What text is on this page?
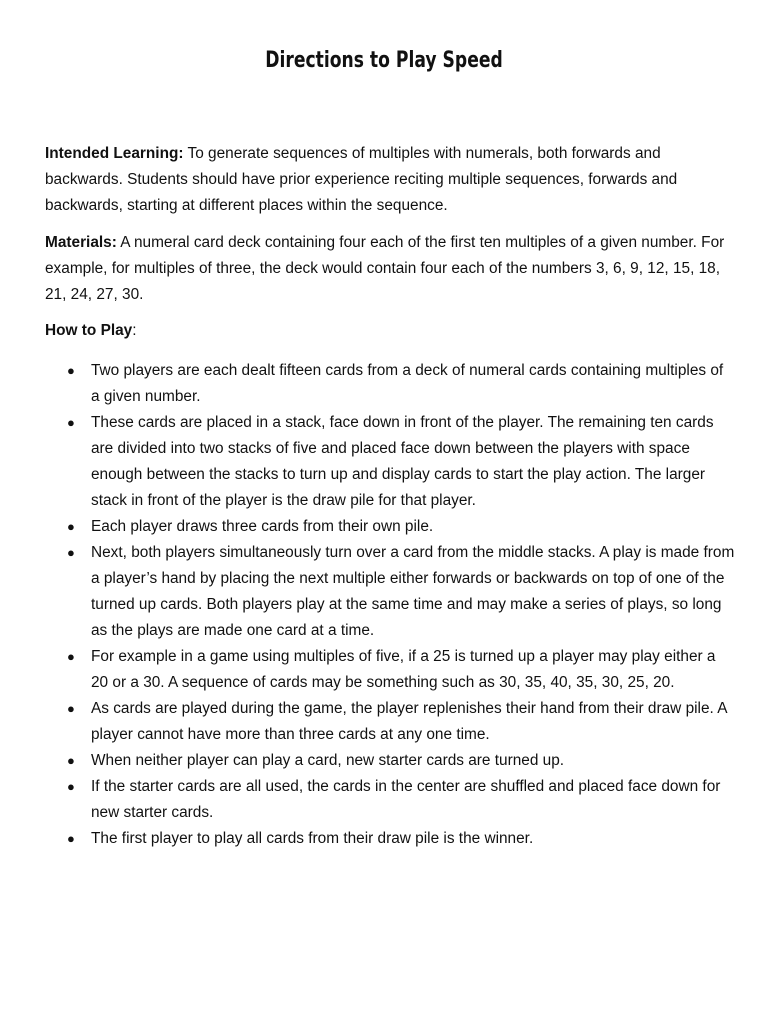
Directions to Play Speed

Intended Learning: To generate sequences of multiples with numerals, both forwards and backwards. Students should have prior experience reciting multiple sequences, forwards and backwards, starting at different places within the sequence.

Materials: A numeral card deck containing four each of the first ten multiples of a given number. For example, for multiples of three, the deck would contain four each of the numbers 3, 6, 9, 12, 15, 18, 21, 24, 27, 30.

How to Play:

● Two players are each dealt fifteen cards from a deck of numeral cards containing multiples of a given number.
● These cards are placed in a stack, face down in front of the player. The remaining ten cards are divided into two stacks of five and placed face down between the players with space enough between the stacks to turn up and display cards to start the play action. The larger stack in front of the player is the draw pile for that player.
● Each player draws three cards from their own pile.
● Next, both players simultaneously turn over a card from the middle stacks. A play is made from a player’s hand by placing the next multiple either forwards or backwards on top of one of the turned up cards. Both players play at the same time and may make a series of plays, so long as the plays are made one card at a time.
● For example in a game using multiples of five, if a 25 is turned up a player may play either a 20 or a 30. A sequence of cards may be something such as 30, 35, 40, 35, 30, 25, 20.
● As cards are played during the game, the player replenishes their hand from their draw pile. A player cannot have more than three cards at any one time.
● When neither player can play a card, new starter cards are turned up.
● If the starter cards are all used, the cards in the center are shuffled and placed face down for new starter cards.
● The first player to play all cards from their draw pile is the winner.
